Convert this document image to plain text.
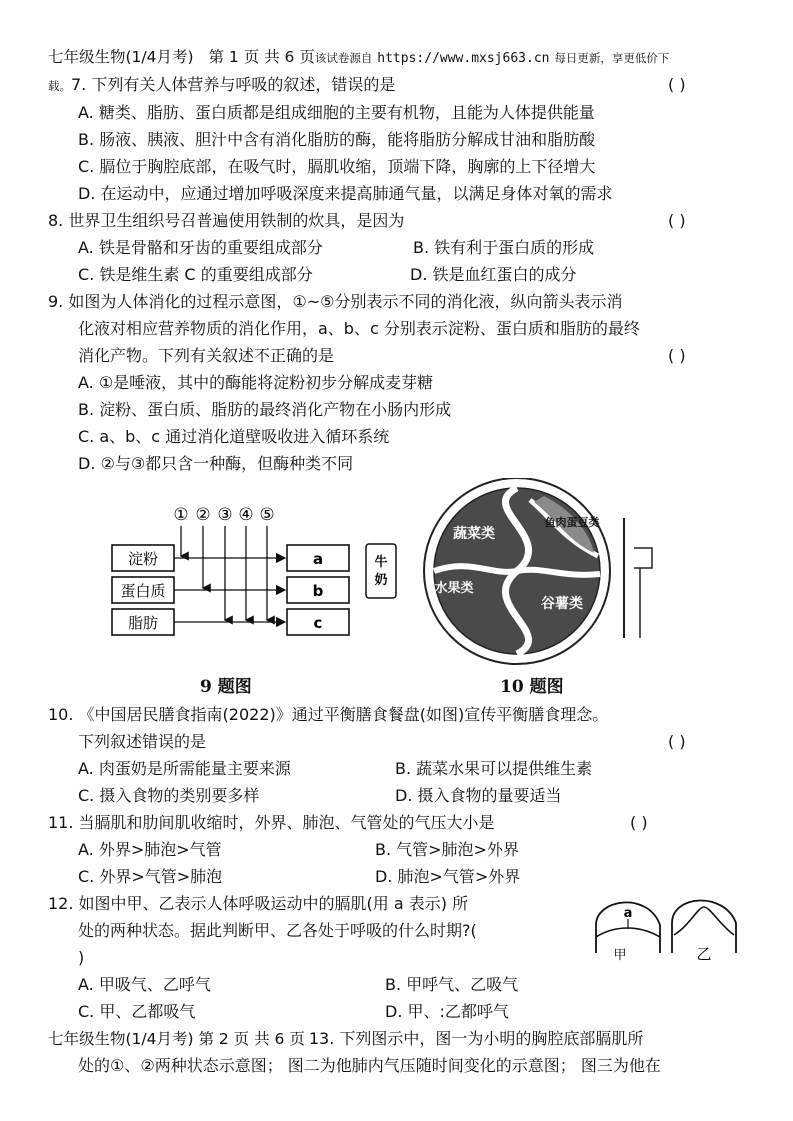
七年级生物(1/4月考) 第 1 页 共 6 页该试卷源自 https://www.mxsj663.cn 每日更新，享更低价下
载。7. 下列有关人体营养与呼吸的叙述，错误的是	( )
A. 糖类、脂肪、蛋白质都是组成细胞的主要有机物，且能为人体提供能量
B. 肠液、胰液、胆汁中含有消化脂肪的酶，能将脂肪分解成甘油和脂肪酸
C. 膈位于胸腔底部，在吸气时，膈肌收缩，顶端下降，胸廓的上下径增大
D. 在运动中，应通过增加呼吸深度来提高肺通气量，以满足身体对氧的需求
8. 世界卫生组织号召普遍使用铁制的炊具，是因为	( )
A. 铁是骨骼和牙齿的重要组成部分	B. 铁有利于蛋白质的形成
C. 铁是维生素 C 的重要组成部分	D. 铁是血红蛋白的成分
9. 如图为人体消化的过程示意图，①~⑤分别表示不同的消化液，纵向箭头表示消
化液对相应营养物质的消化作用，a、b、c 分别表示淀粉、蛋白质和脂肪的最终
消化产物。下列有关叙述不正确的是	( )
A. ①是唾液，其中的酶能将淀粉初步分解成麦芽糖
B. 淀粉、蛋白质、脂肪的最终消化产物在小肠内形成
C. a、b、c 通过消化道壁吸收进入循环系统
D. ②与③都只含一种酶，但酶种类不同
① ② ③ ④ ⑤
淀粉
蛋白质
脂肪
a
b
c
9 题图
牛
奶
蔬菜类
水果类
谷薯类
鱼肉蛋豆类
10 题图
10. 《中国居民膳食指南(2022)》通过平衡膳食餐盘(如图)宣传平衡膳食理念。
下列叙述错误的是	( )
A. 肉蛋奶是所需能量主要来源	B. 蔬菜水果可以提供维生素
C. 摄入食物的类别要多样	D. 摄入食物的量要适当
11. 当膈肌和肋间肌收缩时，外界、肺泡、气管处的气压大小是	( )
A. 外界>肺泡>气管	B. 气管>肺泡>外界
C. 外界>气管>肺泡	D. 肺泡>气管>外界
12. 如图中甲、乙表示人体呼吸运动中的膈肌(用 a 表示) 所
处的两种状态。据此判断甲、乙各处于呼吸的什么时期?(
)
a
甲	乙
A. 甲吸气、乙呼气	B. 甲呼气、乙吸气
C. 甲、乙都吸气	D. 甲、:乙都呼气
七年级生物(1/4月考) 第 2 页 共 6 页 13. 下列图示中，图一为小明的胸腔底部膈肌所
处的①、②两种状态示意图； 图二为他肺内气压随时间变化的示意图； 图三为他在
